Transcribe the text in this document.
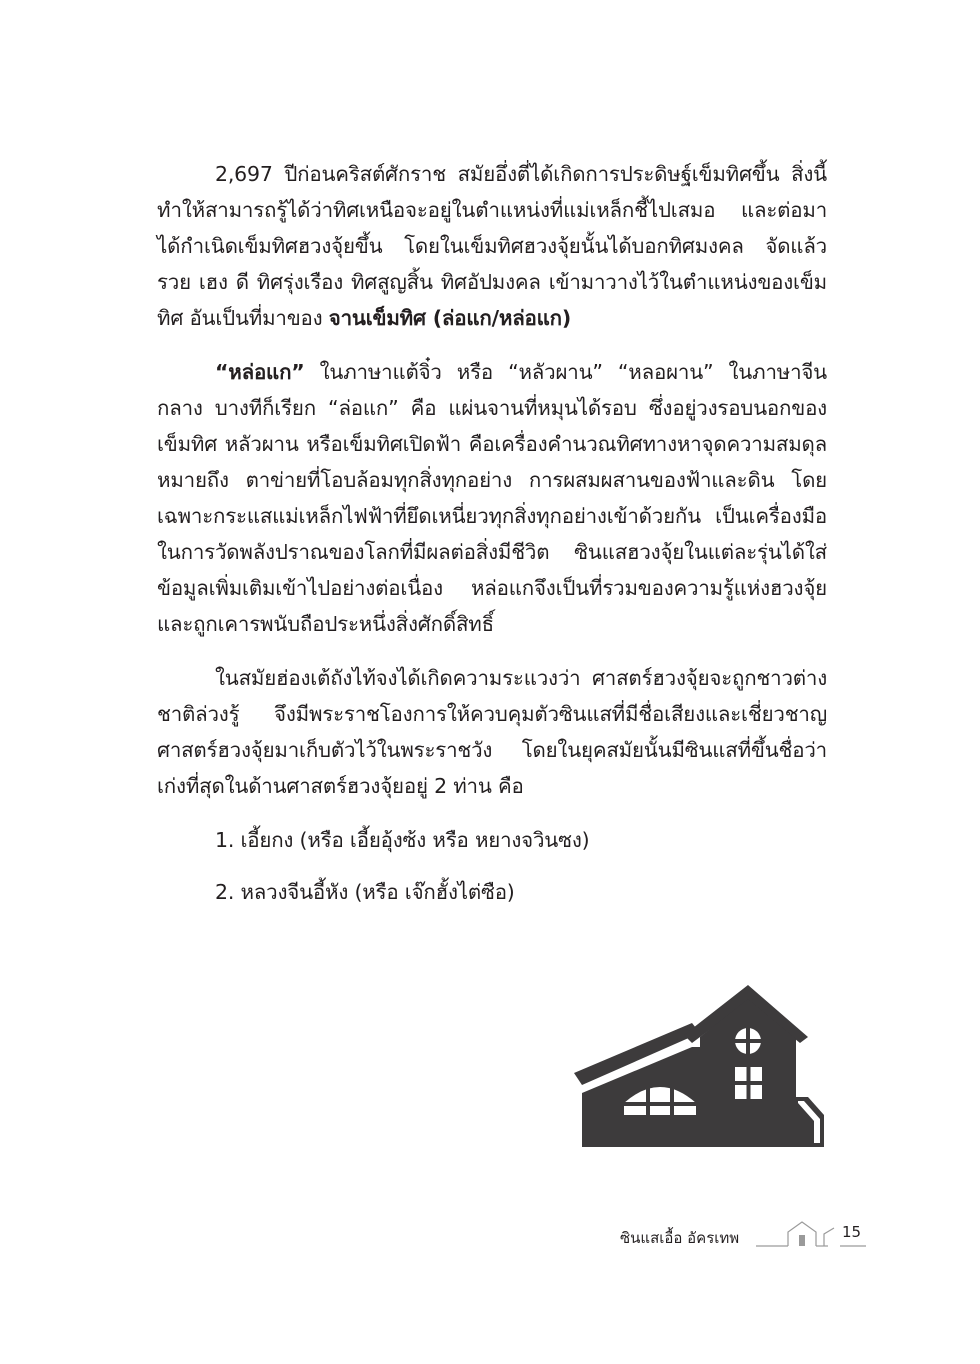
2,697 ปีก่อนคริสต์ศักราช สมัยอึ่งตี่ได้เกิดการประดิษฐ์เข็มทิศขึ้น สิ่งนี้ทำให้สามารถรู้ได้ว่าทิศเหนือจะอยู่ในตำแหน่งที่แม่เหล็กชี้ไปเสมอ และต่อมาได้กำเนิดเข็มทิศฮวงจุ้ยขึ้น โดยในเข็มทิศฮวงจุ้ยนั้นได้บอกทิศมงคล จัดแล้วรวย เฮง ดี ทิศรุ่งเรือง ทิศสูญสิ้น ทิศอัปมงคล เข้ามาวางไว้ในตำแหน่งของเข็มทิศ อันเป็นที่มาของ จานเข็มทิศ (ล่อแก/หล่อแก)

“หล่อแก” ในภาษาแต้จิ๋ว หรือ “หลัวผาน” “หลอผาน” ในภาษาจีนกลาง บางทีก็เรียก “ล่อแก” คือ แผ่นจานที่หมุนได้รอบ ซึ่งอยู่วงรอบนอกของเข็มทิศ หลัวผาน หรือเข็มทิศเปิดฟ้า คือเครื่องคำนวณทิศทางหาจุดความสมดุล หมายถึง ตาข่ายที่โอบล้อมทุกสิ่งทุกอย่าง การผสมผสานของฟ้าและดิน โดยเฉพาะกระแสแม่เหล็กไฟฟ้าที่ยึดเหนี่ยวทุกสิ่งทุกอย่างเข้าด้วยกัน เป็นเครื่องมือในการวัดพลังปราณของโลกที่มีผลต่อสิ่งมีชีวิต ซินแสฮวงจุ้ยในแต่ละรุ่นได้ใส่ข้อมูลเพิ่มเติมเข้าไปอย่างต่อเนื่อง หล่อแกจึงเป็นที่รวมของความรู้แห่งฮวงจุ้ย และถูกเคารพนับถือประหนึ่งสิ่งศักดิ์สิทธิ์

ในสมัยฮ่องเต้ถังไท้จงได้เกิดความระแวงว่า ศาสตร์ฮวงจุ้ยจะถูกชาวต่างชาติล่วงรู้ จึงมีพระราชโองการให้ควบคุมตัวซินแสที่มีชื่อเสียงและเชี่ยวชาญศาสตร์ฮวงจุ้ยมาเก็บตัวไว้ในพระราชวัง โดยในยุคสมัยนั้นมีซินแสที่ขึ้นชื่อว่าเก่งที่สุดในด้านศาสตร์ฮวงจุ้ยอยู่ 2 ท่าน คือ

1. เอี้ยกง (หรือ เอี้ยอุ้งซ้ง หรือ หยางจวินซง)

2. หลวงจีนอี้หัง (หรือ เจ๊กฮั้งไต่ซือ)

ซินแสเอื้อ อัครเทพ	15
